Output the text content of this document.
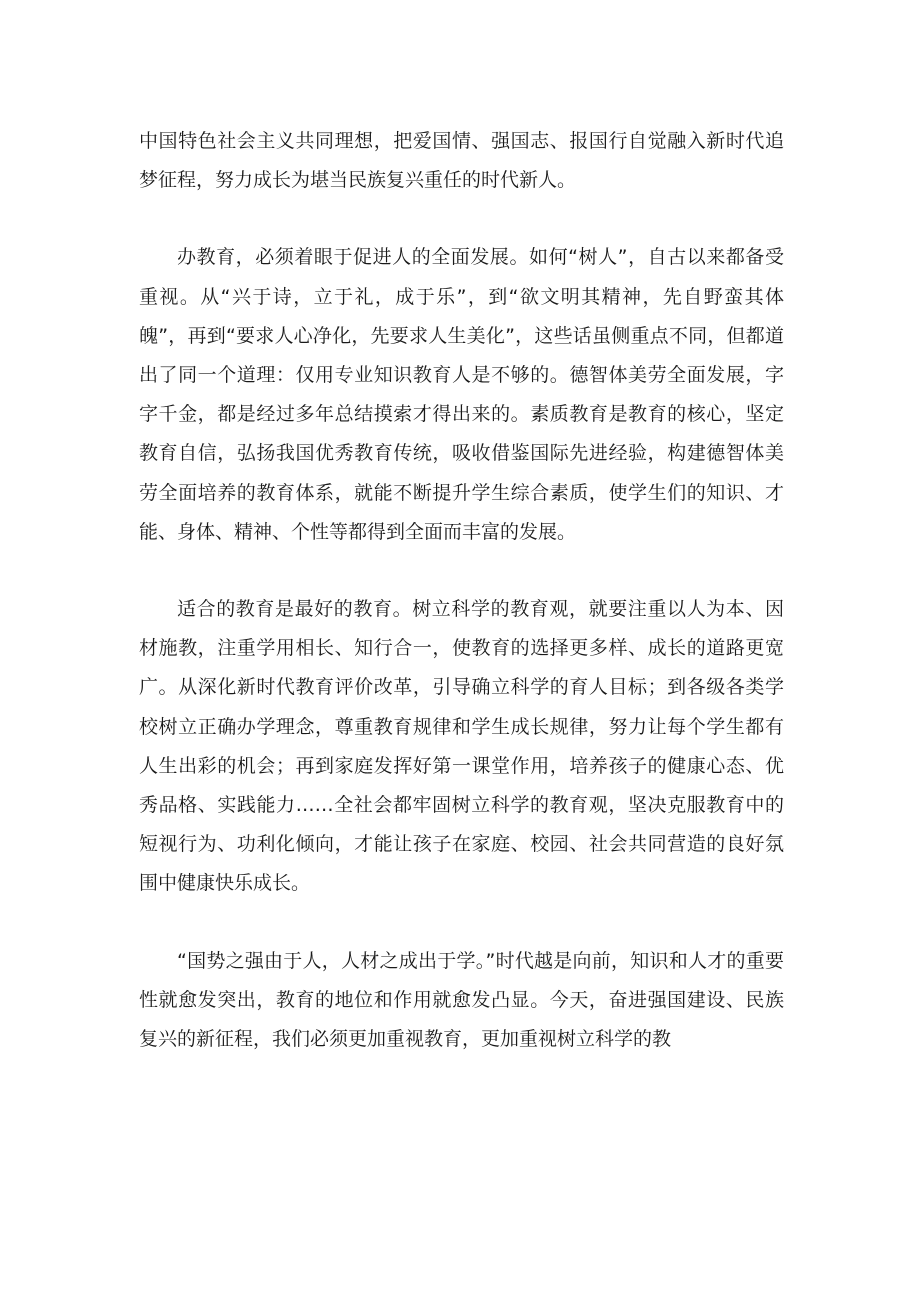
中国特色社会主义共同理想，把爱国情、强国志、报国行自觉融入新时代追梦征程，努力成长为堪当民族复兴重任的时代新人。

办教育，必须着眼于促进人的全面发展。如何“树人”，自古以来都备受重视。从“兴于诗，立于礼，成于乐”，到“欲文明其精神，先自野蛮其体魄”，再到“要求人心净化，先要求人生美化”，这些话虽侧重点不同，但都道出了同一个道理：仅用专业知识教育人是不够的。德智体美劳全面发展，字字千金，都是经过多年总结摸索才得出来的。素质教育是教育的核心，坚定教育自信，弘扬我国优秀教育传统，吸收借鉴国际先进经验，构建德智体美劳全面培养的教育体系，就能不断提升学生综合素质，使学生们的知识、才能、身体、精神、个性等都得到全面而丰富的发展。

适合的教育是最好的教育。树立科学的教育观，就要注重以人为本、因材施教，注重学用相长、知行合一，使教育的选择更多样、成长的道路更宽广。从深化新时代教育评价改革，引导确立科学的育人目标；到各级各类学校树立正确办学理念，尊重教育规律和学生成长规律，努力让每个学生都有人生出彩的机会；再到家庭发挥好第一课堂作用，培养孩子的健康心态、优秀品格、实践能力……全社会都牢固树立科学的教育观，坚决克服教育中的短视行为、功利化倾向，才能让孩子在家庭、校园、社会共同营造的良好氛围中健康快乐成长。

“国势之强由于人，人材之成出于学。”时代越是向前，知识和人才的重要性就愈发突出，教育的地位和作用就愈发凸显。今天，奋进强国建设、民族复兴的新征程，我们必须更加重视教育，更加重视树立科学的教
